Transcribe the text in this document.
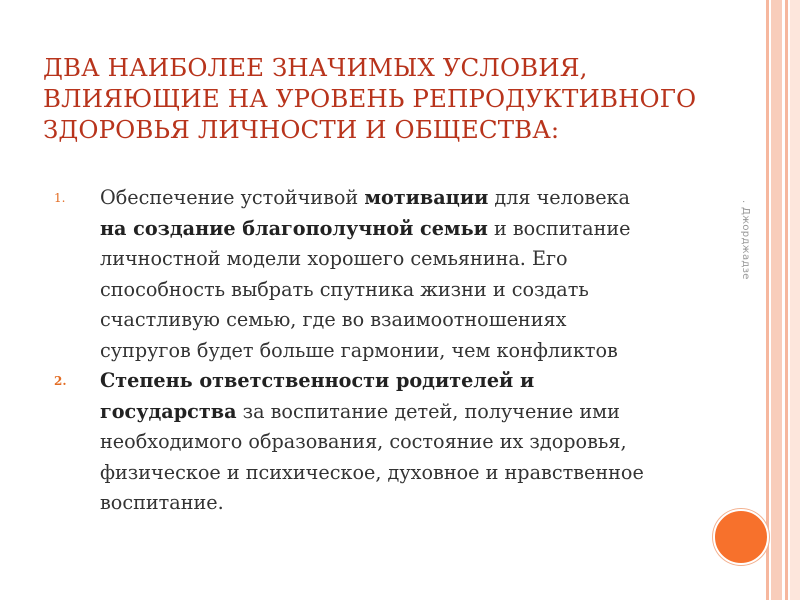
ДВА НАИБОЛЕЕ ЗНАЧИМЫХ УСЛОВИЯ,
ВЛИЯЮЩИЕ НА УРОВЕНЬ РЕПРОДУКТИВНОГО
ЗДОРОВЬЯ ЛИЧНОСТИ И ОБЩЕСТВА:
1. Обеспечение устойчивой мотивации для человека
на создание благополучной семьи и воспитание
личностной модели хорошего семьянина. Его
способность выбрать спутника жизни и создать
счастливую семью, где во взаимоотношениях
супругов будет больше гармонии, чем конфликтов
2. Степень ответственности родителей и
государства за воспитание детей, получение ими
необходимого образования, состояние их здоровья,
физическое и психическое, духовное и нравственное
воспитание.
. Джорджадзе
